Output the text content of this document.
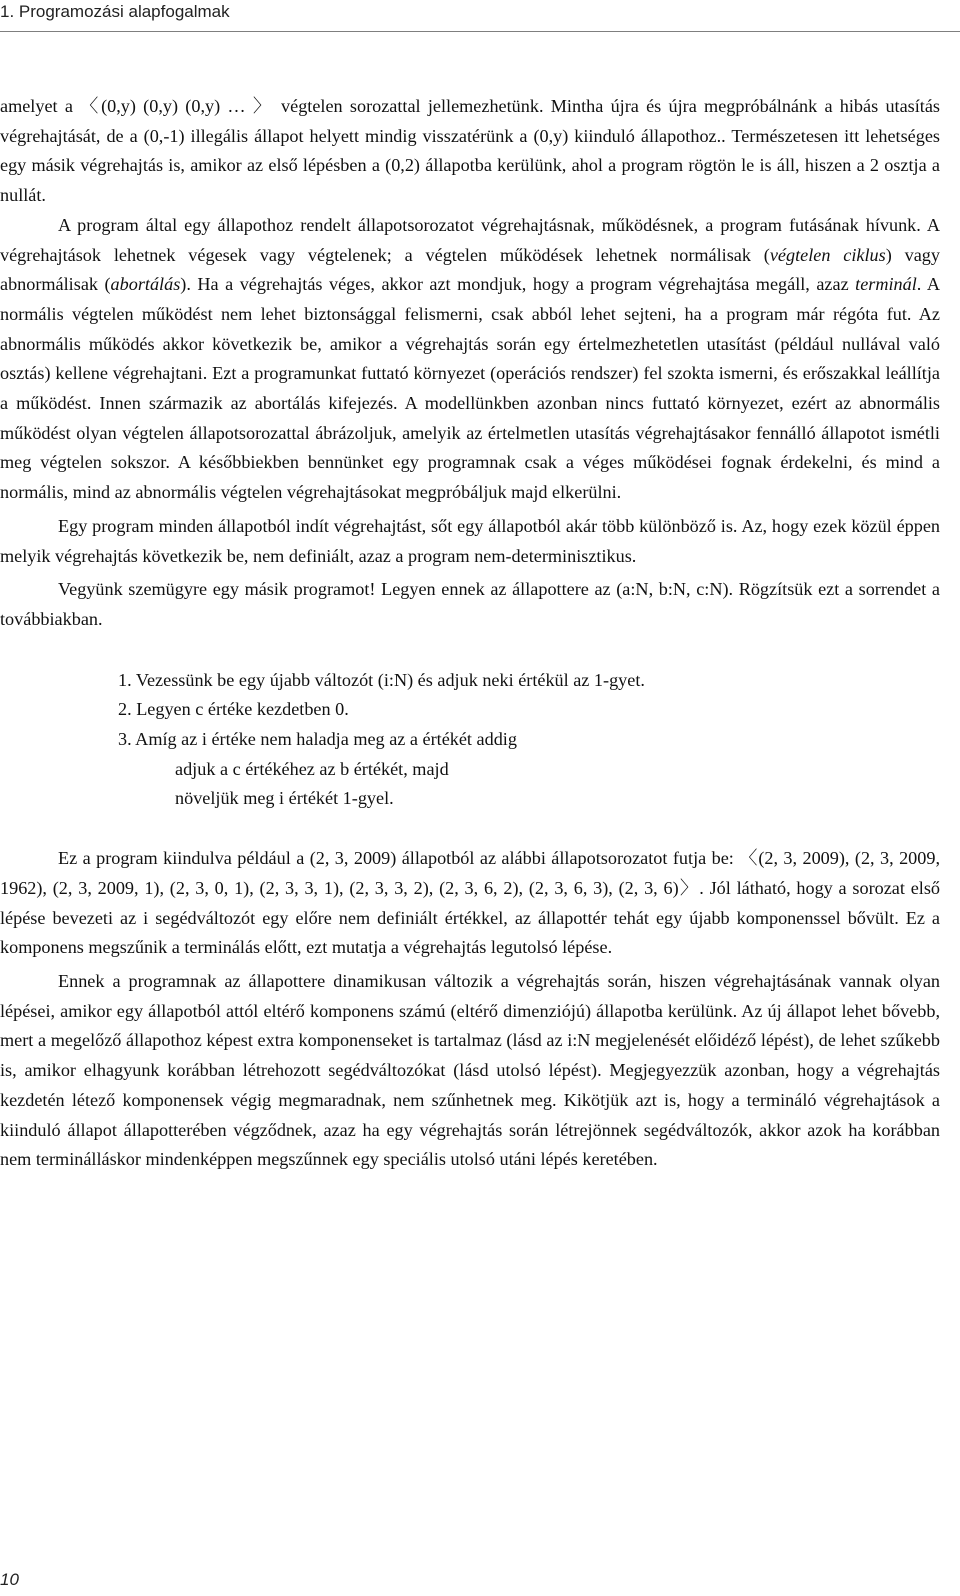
1. Programozási alapfogalmak

amelyet a 〈(0,y) (0,y) (0,y) … 〉 végtelen sorozattal jellemezhetünk. Mintha újra és újra megpróbálnánk a hibás utasítás végrehajtását, de a (0,-1) illegális állapot helyett mindig visszatérünk a (0,y) kiinduló állapothoz.. Természetesen itt lehetséges egy másik végrehajtás is, amikor az első lépésben a (0,2) állapotba kerülünk, ahol a program rögtön le is áll, hiszen a 2 osztja a nullát.

A program által egy állapothoz rendelt állapotsorozatot végrehajtásnak, működésnek, a program futásának hívunk. A végrehajtások lehetnek végesek vagy végtelenek; a végtelen működések lehetnek normálisak (végtelen ciklus) vagy abnormálisak (abortálás). Ha a végrehajtás véges, akkor azt mondjuk, hogy a program végrehajtása megáll, azaz terminál. A normális végtelen működést nem lehet biztonsággal felismerni, csak abból lehet sejteni, ha a program már régóta fut. Az abnormális működés akkor következik be, amikor a végrehajtás során egy értelmezhetetlen utasítást (például nullával való osztás) kellene végrehajtani. Ezt a programunkat futtató környezet (operációs rendszer) fel szokta ismerni, és erőszakkal leállítja a működést. Innen származik az abortálás kifejezés. A modellünkben azonban nincs futtató környezet, ezért az abnormális működést olyan végtelen állapotsorozattal ábrázoljuk, amelyik az értelmetlen utasítás végrehajtásakor fennálló állapotot ismétli meg végtelen sokszor. A későbbiekben bennünket egy programnak csak a véges működései fognak érdekelni, és mind a normális, mind az abnormális végtelen végrehajtásokat megpróbáljuk majd elkerülni.

Egy program minden állapotból indít végrehajtást, sőt egy állapotból akár több különböző is. Az, hogy ezek közül éppen melyik végrehajtás következik be, nem definiált, azaz a program nem-determinisztikus.

Vegyünk szemügyre egy másik programot! Legyen ennek az állapottere az (a:N, b:N, c:N). Rögzítsük ezt a sorrendet a továbbiakban.

1. Vezessünk be egy újabb változót (i:N) és adjuk neki értékül az 1-gyet.
2. Legyen c értéke kezdetben 0.
3. Amíg az i értéke nem haladja meg az a értékét addig
adjuk a c értékéhez az b értékét, majd
növeljük meg i értékét 1-gyel.

Ez a program kiindulva például a (2, 3, 2009) állapotból az alábbi állapotsorozatot futja be: 〈(2, 3, 2009), (2, 3, 2009, 1962), (2, 3, 2009, 1), (2, 3, 0, 1), (2, 3, 3, 1), (2, 3, 3, 2), (2, 3, 6, 2), (2, 3, 6, 3), (2, 3, 6)〉. Jól látható, hogy a sorozat első lépése bevezeti az i segédváltozót egy előre nem definiált értékkel, az állapottér tehát egy újabb komponenssel bővült. Ez a komponens megszűnik a terminálás előtt, ezt mutatja a végrehajtás legutolsó lépése.

Ennek a programnak az állapottere dinamikusan változik a végrehajtás során, hiszen végrehajtásának vannak olyan lépései, amikor egy állapotból attól eltérő komponens számú (eltérő dimenziójú) állapotba kerülünk. Az új állapot lehet bővebb, mert a megelőző állapothoz képest extra komponenseket is tartalmaz (lásd az i:N megjelenését előidéző lépést), de lehet szűkebb is, amikor elhagyunk korábban létrehozott segédváltozókat (lásd utolsó lépést). Megjegyezzük azonban, hogy a végrehajtás kezdetén létező komponensek végig megmaradnak, nem szűnhetnek meg. Kikötjük azt is, hogy a termináló végrehajtások a kiinduló állapot állapotterében végződnek, azaz ha egy végrehajtás során létrejönnek segédváltozók, akkor azok ha korábban nem terminálláskor mindenképpen megszűnnek egy speciális utolsó utáni lépés keretében.

10
